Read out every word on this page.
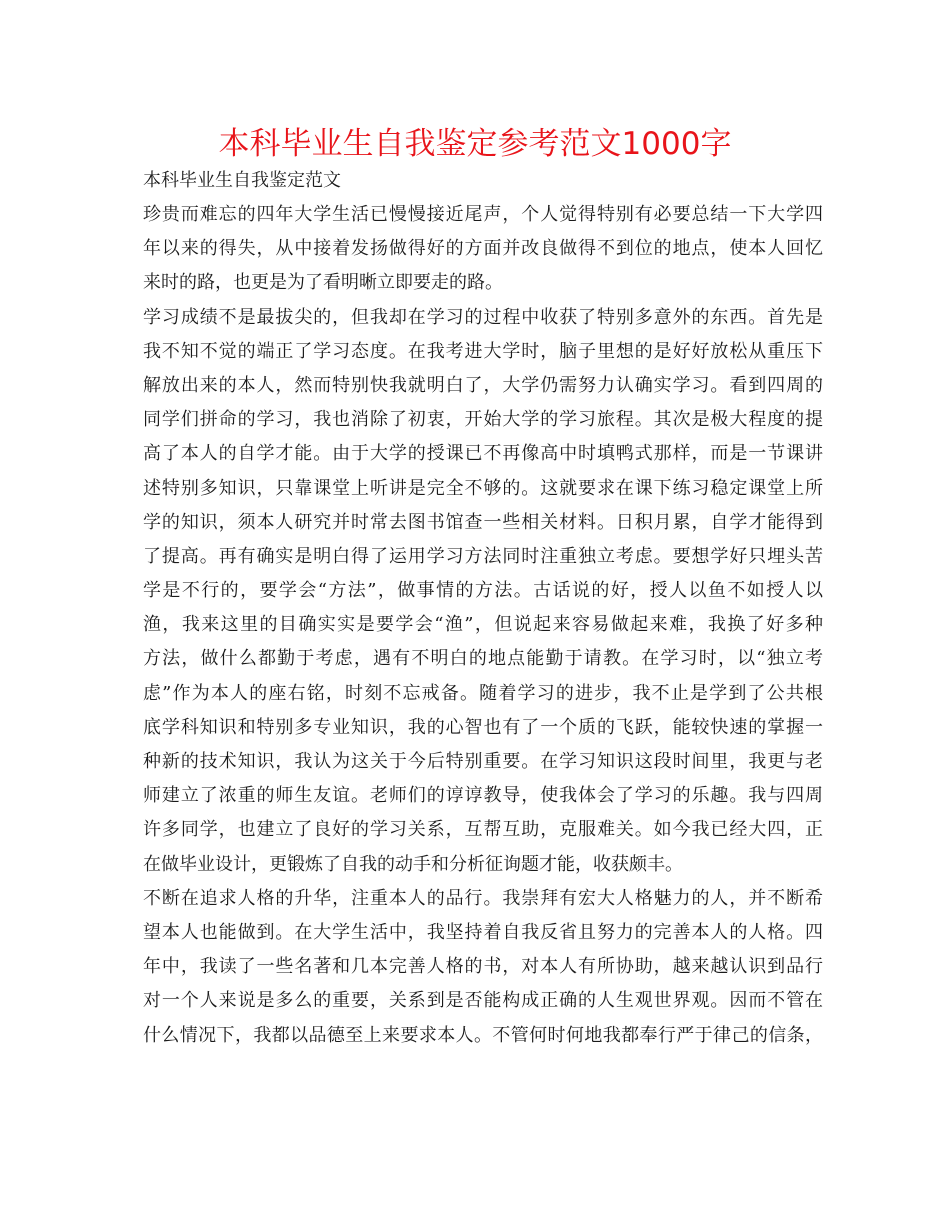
本科毕业生自我鉴定参考范文1000字

本科毕业生自我鉴定范文

珍贵而难忘的四年大学生活已慢慢接近尾声，个人觉得特别有必要总结一下大学四
年以来的得失，从中接着发扬做得好的方面并改良做得不到位的地点，使本人回忆
来时的路，也更是为了看明晰立即要走的路。
学习成绩不是最拔尖的，但我却在学习的过程中收获了特别多意外的东西。首先是
我不知不觉的端正了学习态度。在我考进大学时，脑子里想的是好好放松从重压下
解放出来的本人，然而特别快我就明白了，大学仍需努力认确实学习。看到四周的
同学们拼命的学习，我也消除了初衷，开始大学的学习旅程。其次是极大程度的提
高了本人的自学才能。由于大学的授课已不再像高中时填鸭式那样，而是一节课讲
述特别多知识，只靠课堂上听讲是完全不够的。这就要求在课下练习稳定课堂上所
学的知识，须本人研究并时常去图书馆查一些相关材料。日积月累，自学才能得到
了提高。再有确实是明白得了运用学习方法同时注重独立考虑。要想学好只埋头苦
学是不行的，要学会“方法”，做事情的方法。古话说的好，授人以鱼不如授人以
渔，我来这里的目确实实是要学会“渔”，但说起来容易做起来难，我换了好多种
方法，做什么都勤于考虑，遇有不明白的地点能勤于请教。在学习时，以“独立考
虑”作为本人的座右铭，时刻不忘戒备。随着学习的进步，我不止是学到了公共根
底学科知识和特别多专业知识，我的心智也有了一个质的飞跃，能较快速的掌握一
种新的技术知识，我认为这关于今后特别重要。在学习知识这段时间里，我更与老
师建立了浓重的师生友谊。老师们的谆谆教导，使我体会了学习的乐趣。我与四周
许多同学，也建立了良好的学习关系，互帮互助，克服难关。如今我已经大四，正
在做毕业设计，更锻炼了自我的动手和分析征询题才能，收获颇丰。
不断在追求人格的升华，注重本人的品行。我崇拜有宏大人格魅力的人，并不断希
望本人也能做到。在大学生活中，我坚持着自我反省且努力的完善本人的人格。四
年中，我读了一些名著和几本完善人格的书，对本人有所协助，越来越认识到品行
对一个人来说是多么的重要，关系到是否能构成正确的人生观世界观。因而不管在
什么情况下，我都以品德至上来要求本人。不管何时何地我都奉行严于律己的信条，
